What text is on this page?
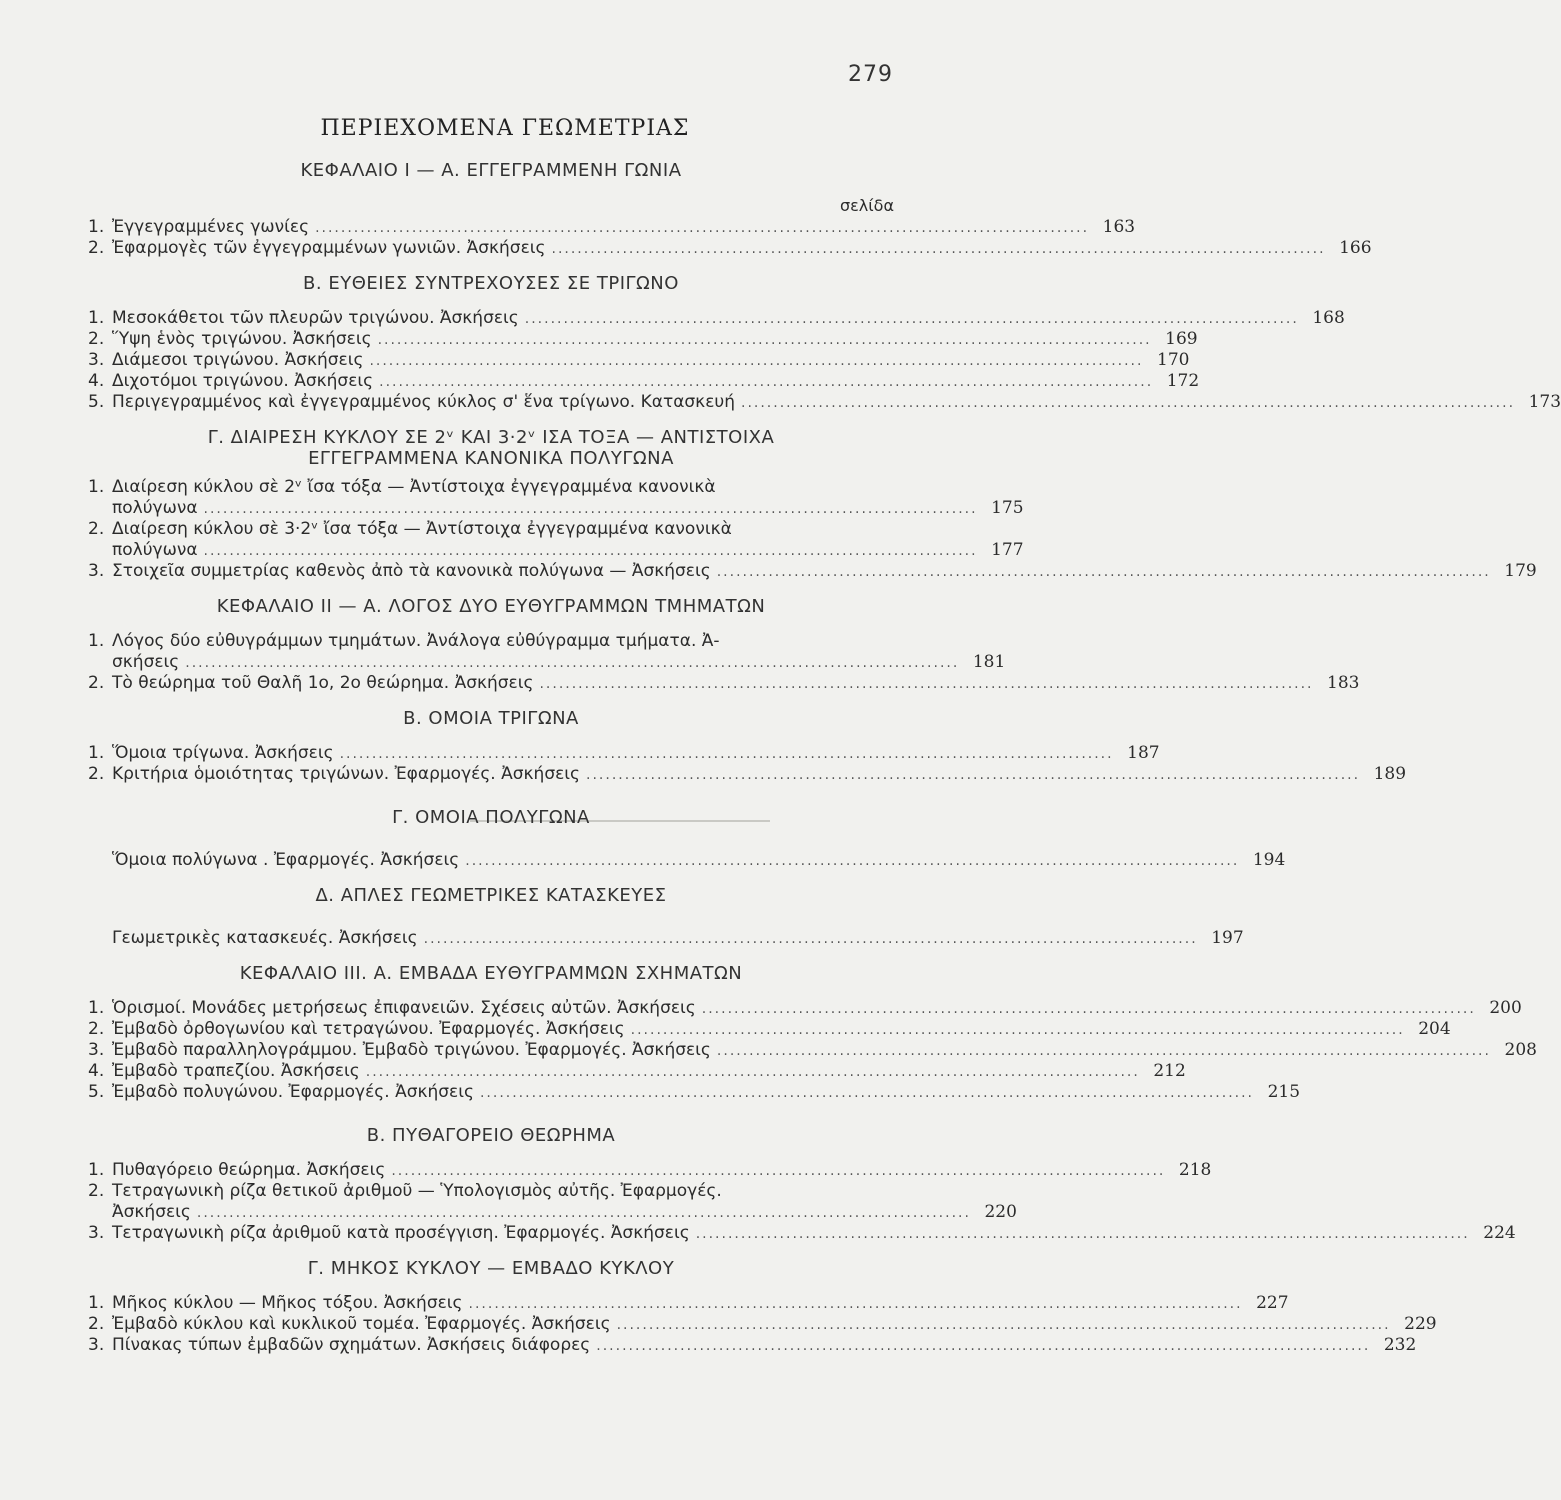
279
ΠΕΡΙΕΧΟΜΕΝΑ ΓΕΩΜΕΤΡΙΑΣ
ΚΕΦΑΛΑΙΟ Ι — Α. ΕΓΓΕΓΡΑΜΜΕΝΗ ΓΩΝΙΑ
σελίδα
1. Ἐγγεγραμμένες γωνίες ........................................................................................................................ 163
2. Ἐφαρμογὲς τῶν ἐγγεγραμμένων γωνιῶν. Ἀσκήσεις ........................................................................................................................ 166
Β. ΕΥΘΕΙΕΣ ΣΥΝΤΡΕΧΟΥΣΕΣ ΣΕ ΤΡΙΓΩΝΟ
1. Μεσοκάθετοι τῶν πλευρῶν τριγώνου. Ἀσκήσεις ........................................................................................................................ 168
2. Ὕψη ἑνὸς τριγώνου. Ἀσκήσεις ........................................................................................................................ 169
3. Διάμεσοι τριγώνου. Ἀσκήσεις ........................................................................................................................ 170
4. Διχοτόμοι τριγώνου. Ἀσκήσεις ........................................................................................................................ 172
5. Περιγεγραμμένος καὶ ἐγγεγραμμένος κύκλος σ' ἕνα τρίγωνο. Κατασκευή ........................................................................................................................ 173
Γ. ΔΙΑΙΡΕΣΗ ΚΥΚΛΟΥ ΣΕ 2ᵛ ΚΑΙ 3·2ᵛ ΙΣΑ ΤΟΞΑ — ΑΝΤΙΣΤΟΙΧΑ
ΕΓΓΕΓΡΑΜΜΕΝΑ ΚΑΝΟΝΙΚΑ ΠΟΛΥΓΩΝΑ
1. Διαίρεση κύκλου σὲ 2ᵛ ἴσα τόξα — Ἀντίστοιχα ἐγγεγραμμένα κανονικὰ
πολύγωνα ........................................................................................................................ 175
2. Διαίρεση κύκλου σὲ 3·2ᵛ ἴσα τόξα — Ἀντίστοιχα ἐγγεγραμμένα κανονικὰ
πολύγωνα ........................................................................................................................ 177
3. Στοιχεῖα συμμετρίας καθενὸς ἀπὸ τὰ κανονικὰ πολύγωνα — Ἀσκήσεις ........................................................................................................................ 179
ΚΕΦΑΛΑΙΟ ΙΙ — Α. ΛΟΓΟΣ ΔΥΟ ΕΥΘΥΓΡΑΜΜΩΝ ΤΜΗΜΑΤΩΝ
1. Λόγος δύο εὐθυγράμμων τμημάτων. Ἀνάλογα εὐθύγραμμα τμήματα. Ἀ-
σκήσεις ........................................................................................................................ 181
2. Τὸ θεώρημα τοῦ Θαλῆ 1ο, 2ο θεώρημα. Ἀσκήσεις ........................................................................................................................ 183
Β. ΟΜΟΙΑ ΤΡΙΓΩΝΑ
1. Ὅμοια τρίγωνα. Ἀσκήσεις ........................................................................................................................ 187
2. Κριτήρια ὁμοιότητας τριγώνων. Ἐφαρμογές. Ἀσκήσεις ........................................................................................................................ 189
Γ. ΟΜΟΙΑ ΠΟΛΥΓΩΝΑ
Ὅμοια πολύγωνα . Ἐφαρμογές. Ἀσκήσεις ........................................................................................................................ 194
Δ. ΑΠΛΕΣ ΓΕΩΜΕΤΡΙΚΕΣ ΚΑΤΑΣΚΕΥΕΣ
Γεωμετρικὲς κατασκευές. Ἀσκήσεις ........................................................................................................................ 197
ΚΕΦΑΛΑΙΟ ΙΙΙ. Α. ΕΜΒΑΔΑ ΕΥΘΥΓΡΑΜΜΩΝ ΣΧΗΜΑΤΩΝ
1. Ὁρισμοί. Μονάδες μετρήσεως ἐπιφανειῶν. Σχέσεις αὐτῶν. Ἀσκήσεις ........................................................................................................................ 200
2. Ἐμβαδὸ ὀρθογωνίου καὶ τετραγώνου. Ἐφαρμογές. Ἀσκήσεις ........................................................................................................................ 204
3. Ἐμβαδὸ παραλληλογράμμου. Ἐμβαδὸ τριγώνου. Ἐφαρμογές. Ἀσκήσεις ........................................................................................................................ 208
4. Ἐμβαδὸ τραπεζίου. Ἀσκήσεις ........................................................................................................................ 212
5. Ἐμβαδὸ πολυγώνου. Ἐφαρμογές. Ἀσκήσεις ........................................................................................................................ 215
Β. ΠΥΘΑΓΟΡΕΙΟ ΘΕΩΡΗΜΑ
1. Πυθαγόρειο θεώρημα. Ἀσκήσεις ........................................................................................................................ 218
2. Τετραγωνικὴ ρίζα θετικοῦ ἀριθμοῦ — Ὑπολογισμὸς αὐτῆς. Ἐφαρμογές.
Ἀσκήσεις ........................................................................................................................ 220
3. Τετραγωνικὴ ρίζα ἀριθμοῦ κατὰ προσέγγιση. Ἐφαρμογές. Ἀσκήσεις ........................................................................................................................ 224
Γ. ΜΗΚΟΣ ΚΥΚΛΟΥ — ΕΜΒΑΔΟ ΚΥΚΛΟΥ
1. Μῆκος κύκλου — Μῆκος τόξου. Ἀσκήσεις ........................................................................................................................ 227
2. Ἐμβαδὸ κύκλου καὶ κυκλικοῦ τομέα. Ἐφαρμογές. Ἀσκήσεις ........................................................................................................................ 229
3. Πίνακας τύπων ἐμβαδῶν σχημάτων. Ἀσκήσεις διάφορες ........................................................................................................................ 232
